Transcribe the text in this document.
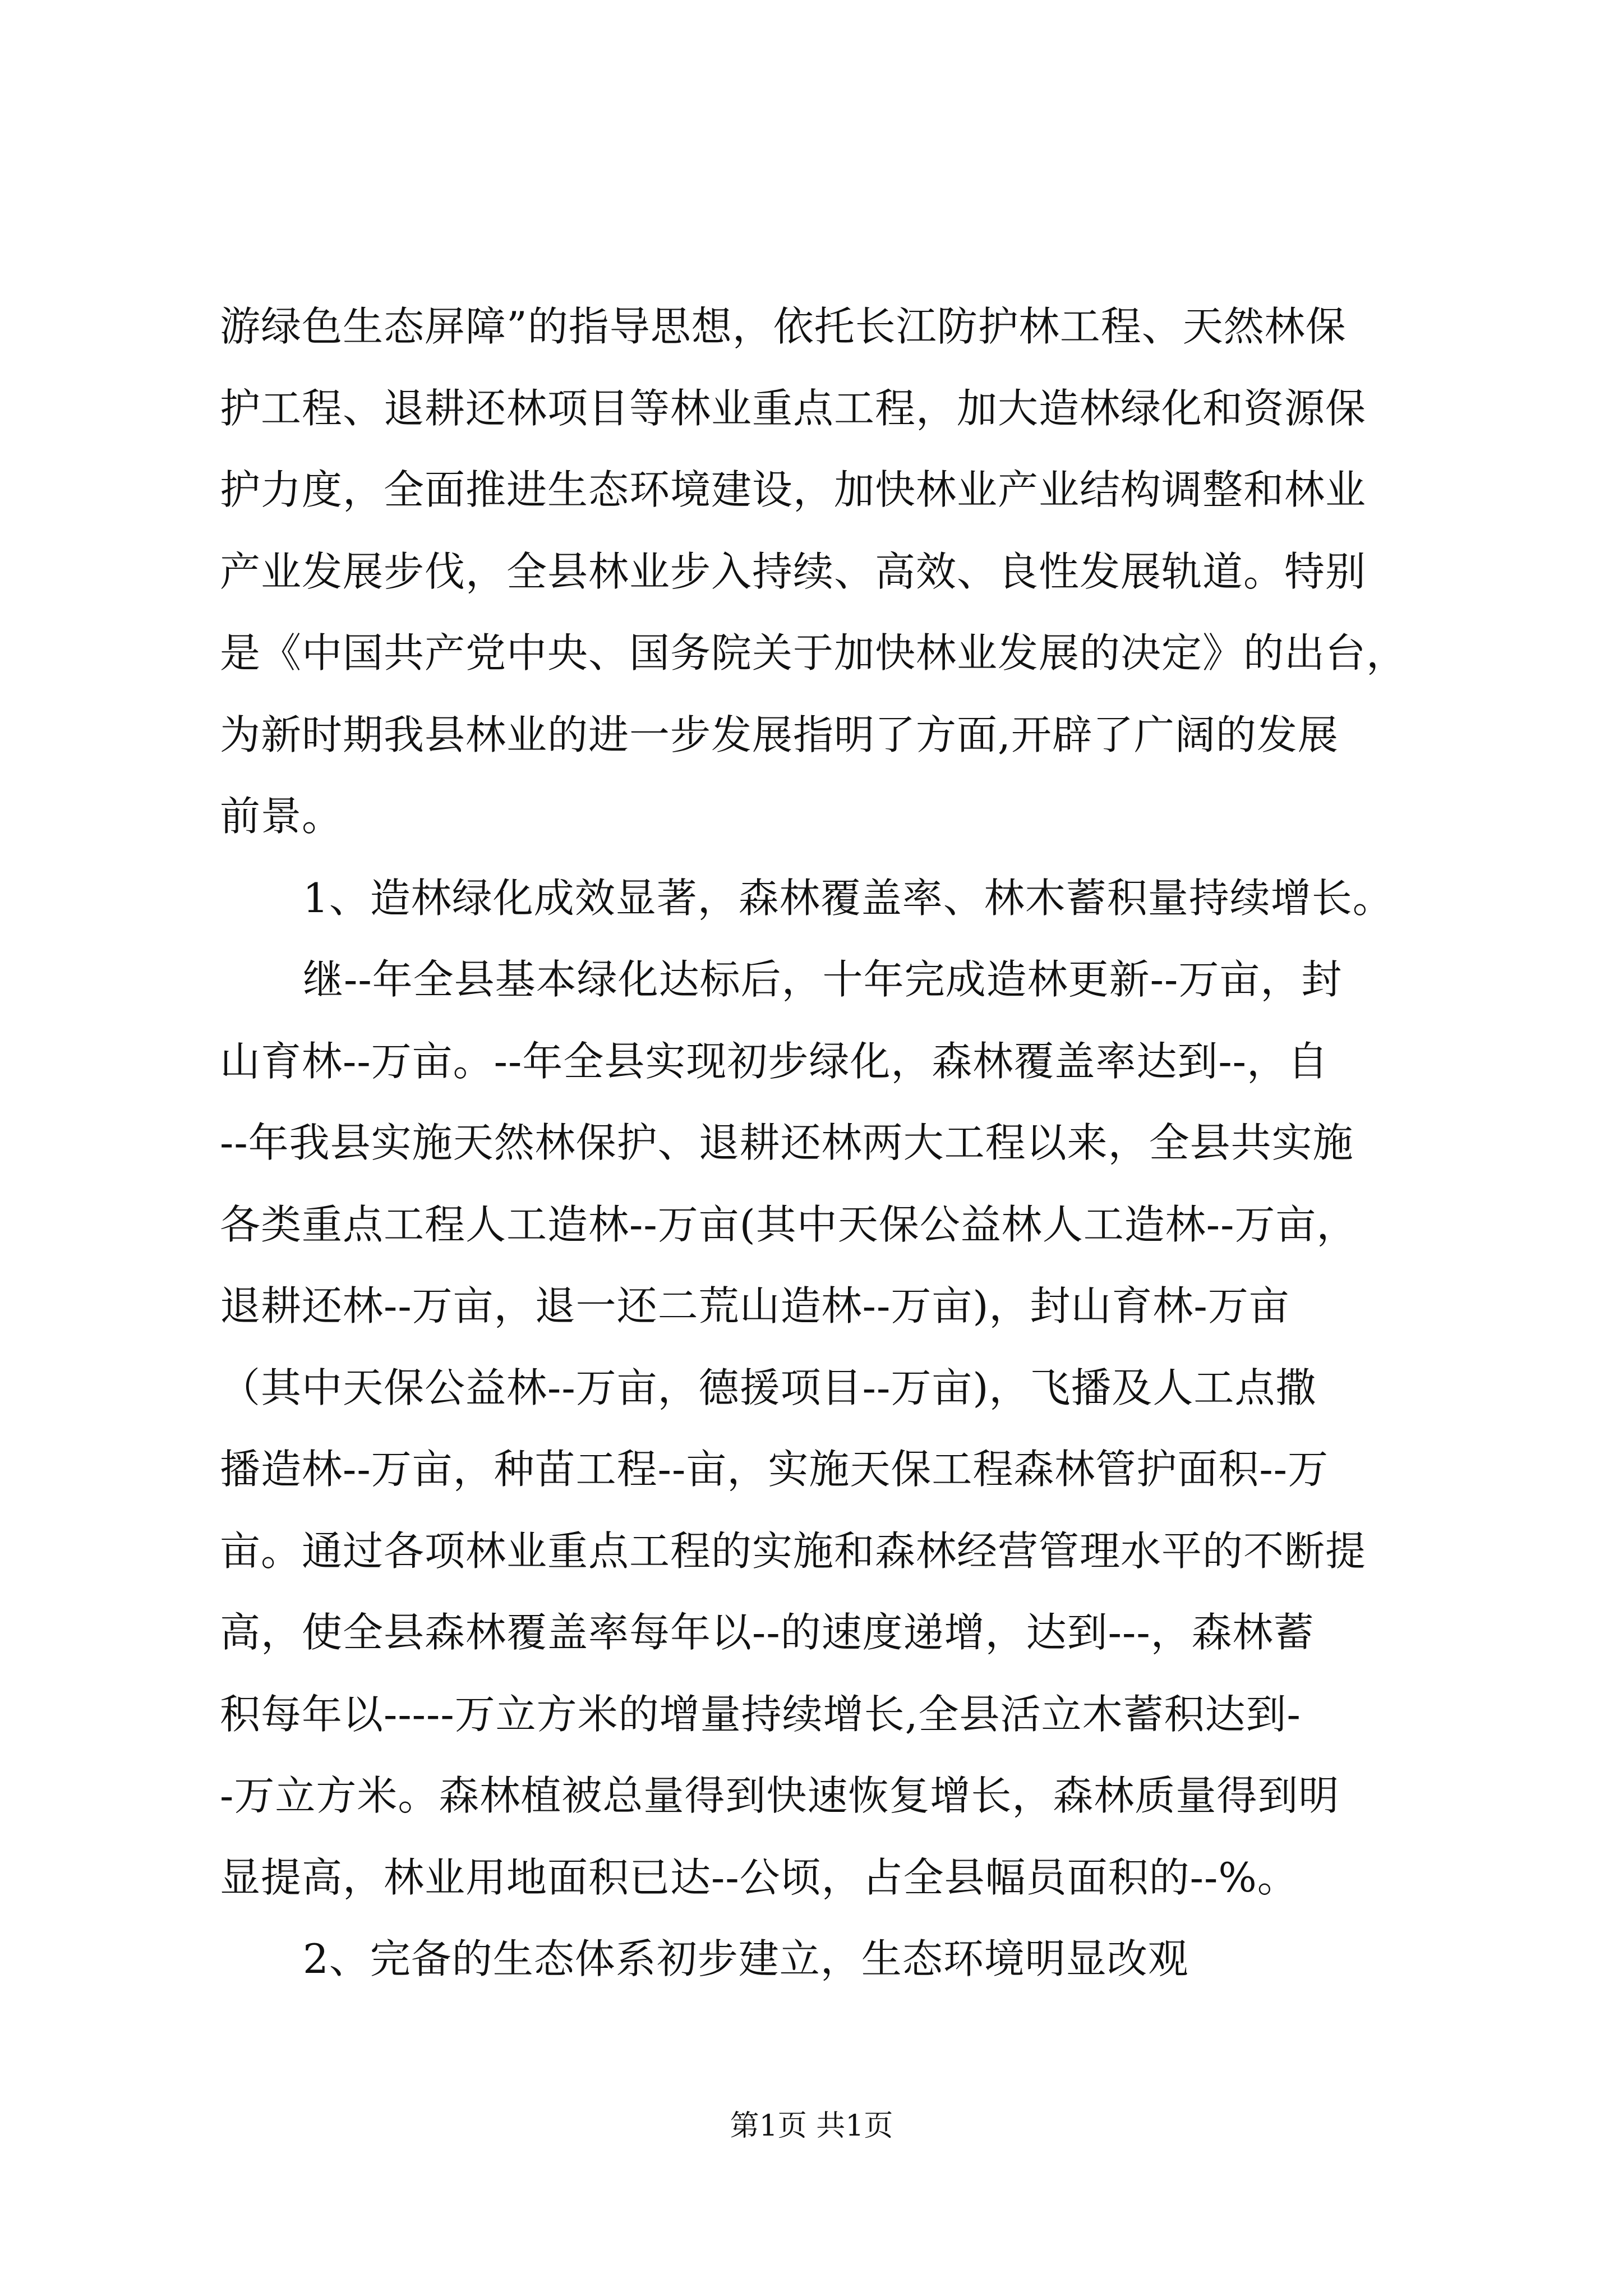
游绿色生态屏障”的指导思想，依托长江防护林工程、天然林保
护工程、退耕还林项目等林业重点工程，加大造林绿化和资源保
护力度，全面推进生态环境建设，加快林业产业结构调整和林业
产业发展步伐，全县林业步入持续、高效、良性发展轨道。特别
是《中国共产党中央、国务院关于加快林业发展的决定》的出台，
为新时期我县林业的进一步发展指明了方面,开辟了广阔的发展
前景。
1、造林绿化成效显著，森林覆盖率、林木蓄积量持续增长。
继--年全县基本绿化达标后，十年完成造林更新--万亩，封
山育林--万亩。--年全县实现初步绿化，森林覆盖率达到--，自
--年我县实施天然林保护、退耕还林两大工程以来，全县共实施
各类重点工程人工造林--万亩(其中天保公益林人工造林--万亩，
退耕还林--万亩，退一还二荒山造林--万亩)，封山育林-万亩
（其中天保公益林--万亩，德援项目--万亩)，飞播及人工点撒
播造林--万亩，种苗工程--亩，实施天保工程森林管护面积--万
亩。通过各项林业重点工程的实施和森林经营管理水平的不断提
高，使全县森林覆盖率每年以--的速度递增，达到---，森林蓄
积每年以-----万立方米的增量持续增长,全县活立木蓄积达到-
-万立方米。森林植被总量得到快速恢复增长，森林质量得到明
显提高，林业用地面积已达--公顷，占全县幅员面积的--%。
2、完备的生态体系初步建立，生态环境明显改观
第1页 共1页
